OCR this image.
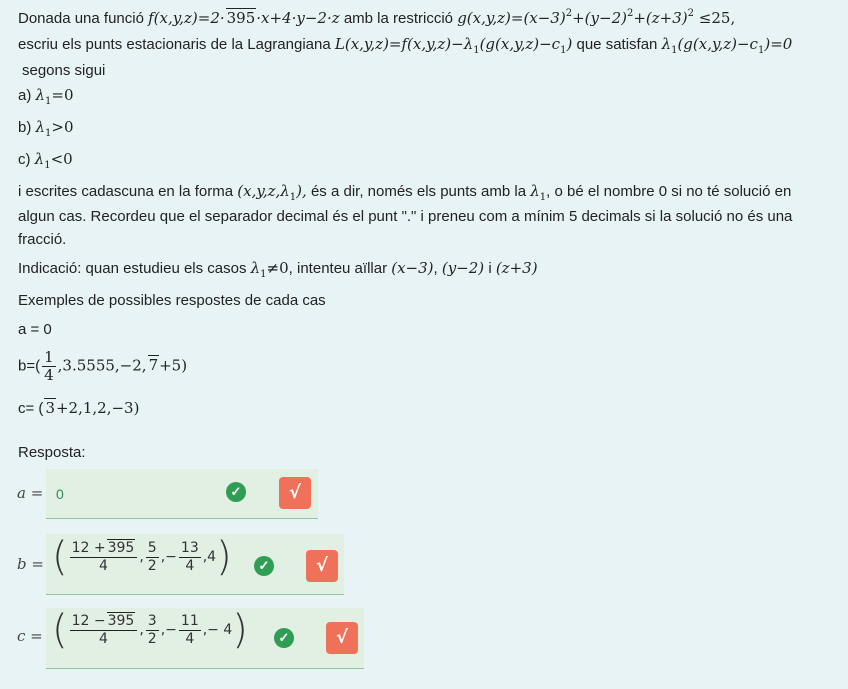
Donada una funció f(x,y,z)=2· 395·x+4·y−2·z amb la restricció $g(x,y,z)=(x-3)^2+(y-2)^2+(z+3)^2 \le 25$,
escriu els punts estacionaris de la Lagrangiana $L(x,y,z)=f(x,y,z)-\lambda_1(g(x,y,z)-c_1)$ que satisfan $\lambda_1(g(x,y,z)-c_1)=0$
segons sigui
a) $\lambda_1=0$
b) $\lambda_1>0$
c) $\lambda_1<0$
i escrites cadascuna en la forma $(x,y,z,\lambda_1)$, és a dir, només els punts amb la $\lambda_1$, o bé el nombre 0 si no té solució en
algun cas. Recordeu que el separador decimal és el punt "." i preneu com a mínim 5 decimals si la solució no és una
fracció.
Indicació: quan estudieu els casos $\lambda_1\ne 0$, intenteu aïllar (x−3), (y−2) i (z+3)
Exemples de possibles respostes de cada cas
a = 0
$b=( \frac{1}{4} ,3.5555,-2$, 7+5)
c= ( 3+2,1,2,−3)
Resposta:
a = 0	✓	√
b = ( $\frac{12 + 395}{4}$ , $\frac{5}{2}$ ,− $\frac{13}{4} ,4$)	✓	√
c = ( $\frac{12 - 395}{4}$ , $\frac{3}{2}$ ,− $\frac{11}{4}$ ,− 4)	✓	√
